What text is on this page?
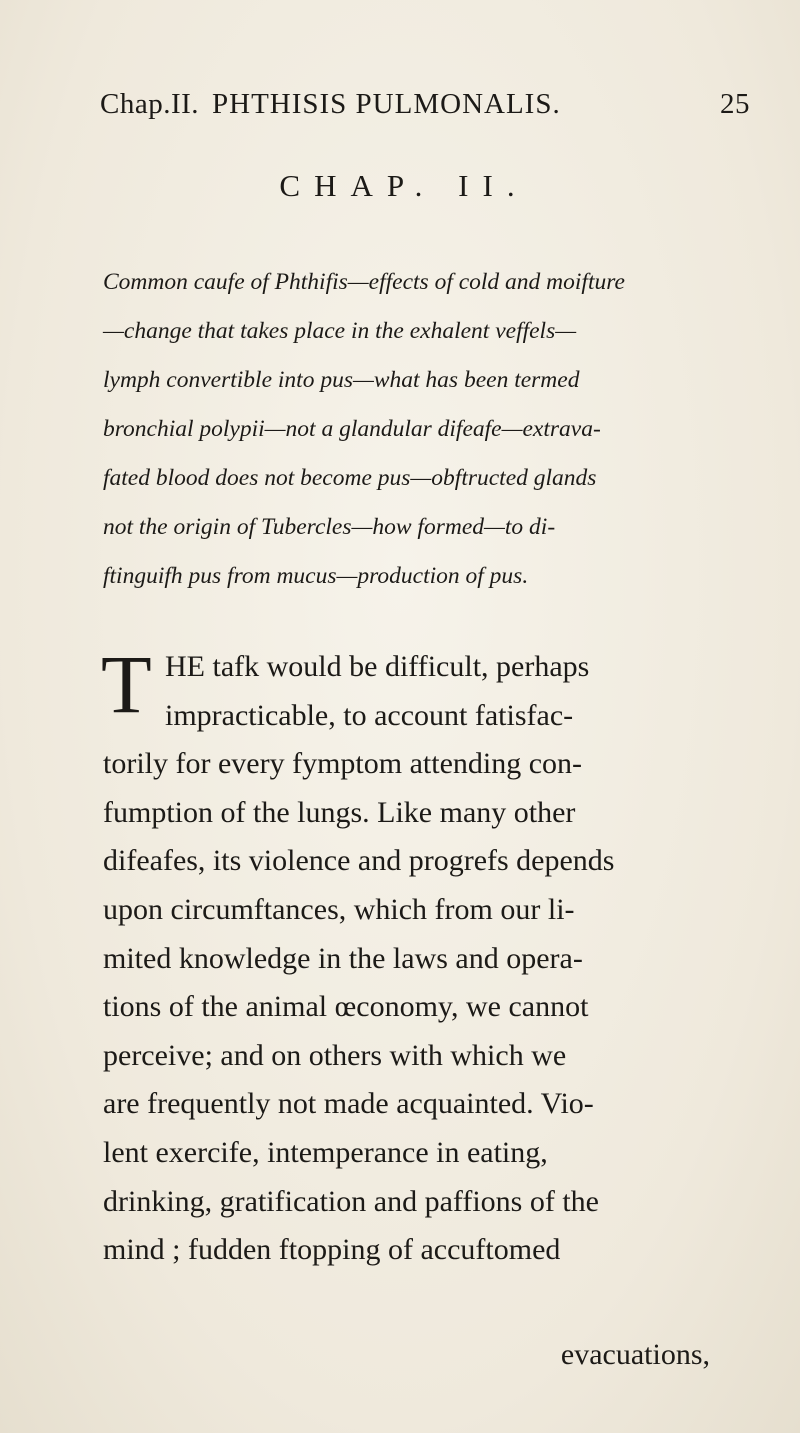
Chap.II. PHTHISIS PULMONALIS.	25
CHAP. II.
Common caufe of Phthifis—effects of cold and moifture
—change that takes place in the exhalent veffels—
lymph convertible into pus—what has been termed
bronchial polypii—not a glandular difeafe—extrava-
fated blood does not become pus—obftructed glands
not the origin of Tubercles—how formed—to di-
ftinguifh pus from mucus—production of pus.
T HE tafk would be difficult, perhaps
impracticable, to account fatisfac-
torily for every fymptom attending con-
fumption of the lungs. Like many other
difeafes, its violence and progrefs depends
upon circumftances, which from our li-
mited knowledge in the laws and opera-
tions of the animal œconomy, we cannot
perceive; and on others with which we
are frequently not made acquainted. Vio-
lent exercife, intemperance in eating,
drinking, gratification and paffions of the
mind ; fudden ftopping of accuftomed
evacuations,
